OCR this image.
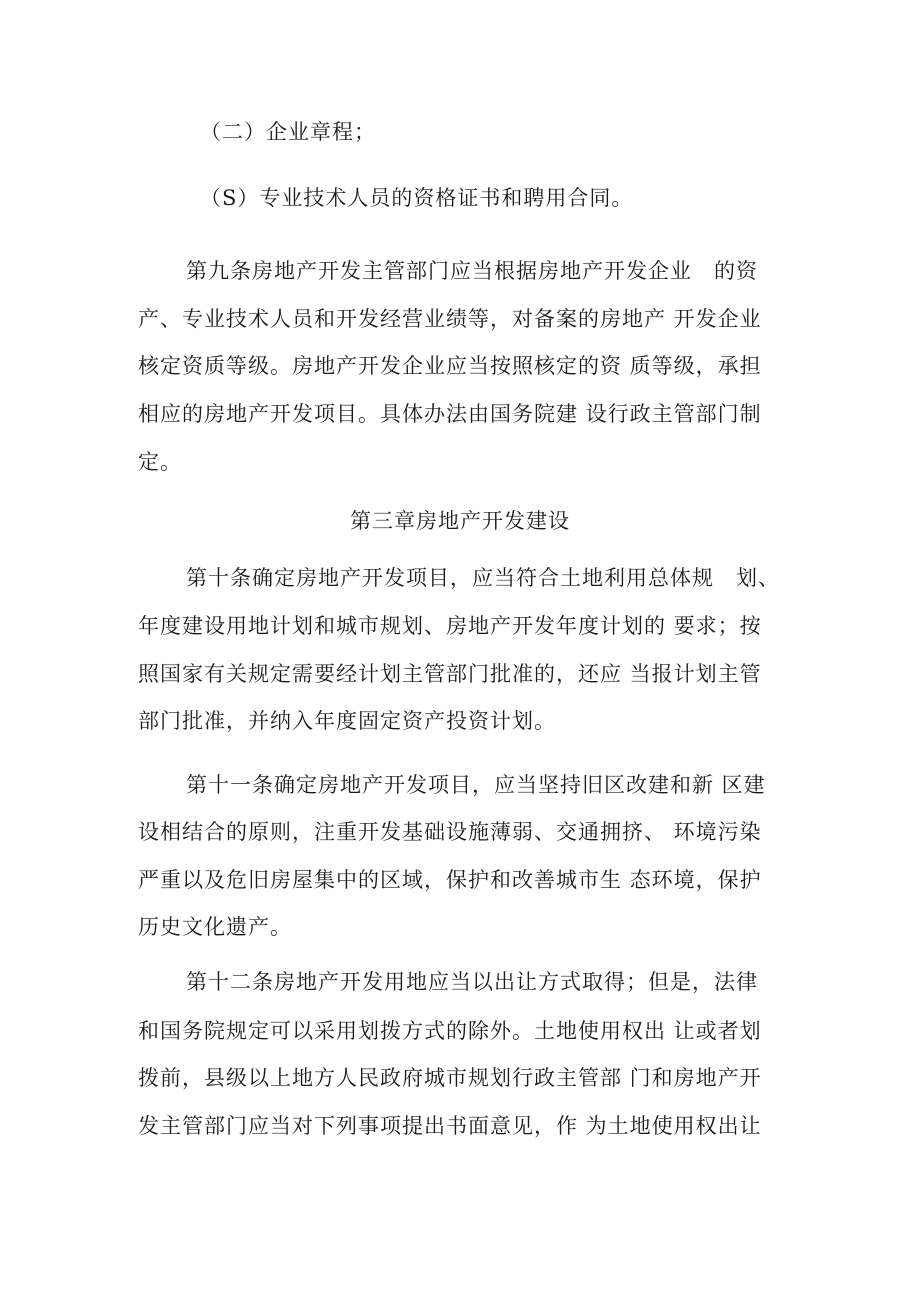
（二）企业章程；
（S）专业技术人员的资格证书和聘用合同。
第九条房地产开发主管部门应当根据房地产开发企业　的资
产、专业技术人员和开发经营业绩等，对备案的房地产 开发企业
核定资质等级。房地产开发企业应当按照核定的资 质等级，承担
相应的房地产开发项目。具体办法由国务院建 设行政主管部门制
定。
第三章房地产开发建设
第十条确定房地产开发项目，应当符合土地利用总体规　划、
年度建设用地计划和城市规划、房地产开发年度计划的 要求；按
照国家有关规定需要经计划主管部门批准的，还应 当报计划主管
部门批准，并纳入年度固定资产投资计划。
第十一条确定房地产开发项目，应当坚持旧区改建和新 区建
设相结合的原则，注重开发基础设施薄弱、交通拥挤、 环境污染
严重以及危旧房屋集中的区域，保护和改善城市生 态环境，保护
历史文化遗产。
第十二条房地产开发用地应当以出让方式取得；但是，法律
和国务院规定可以采用划拨方式的除外。土地使用权出 让或者划
拨前，县级以上地方人民政府城市规划行政主管部 门和房地产开
发主管部门应当对下列事项提出书面意见，作 为土地使用权出让
